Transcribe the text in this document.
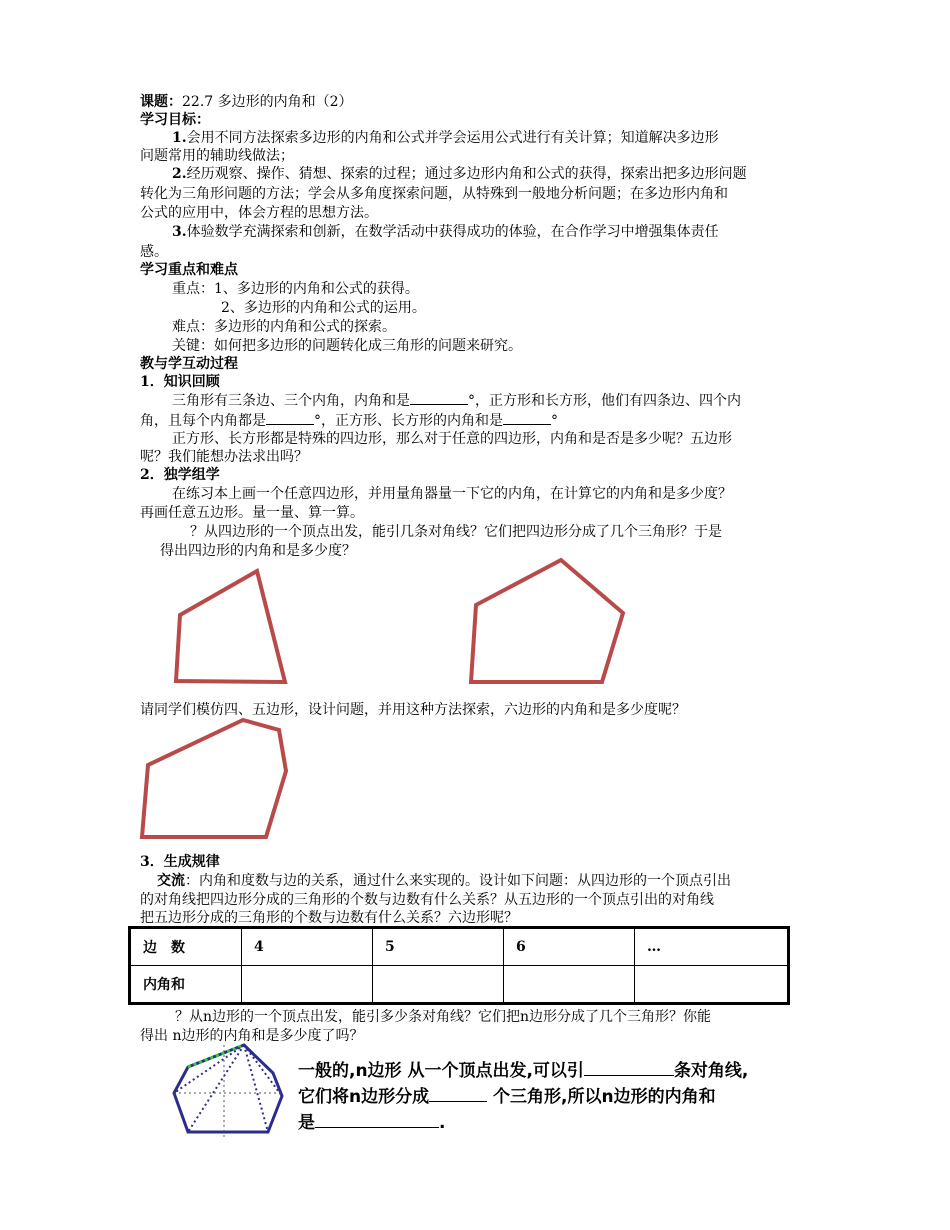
课题：22.7 多边形的内角和（2）
学习目标：
1.会用不同方法探索多边形的内角和公式并学会运用公式进行有关计算；知道解决多边形
问题常用的辅助线做法；
2.经历观察、操作、猜想、探索的过程；通过多边形内角和公式的获得，探索出把多边形问题
转化为三角形问题的方法；学会从多角度探索问题，从特殊到一般地分析问题；在多边形内角和
公式的应用中，体会方程的思想方法。
3.体验数学充满探索和创新，在数学活动中获得成功的体验，在合作学习中增强集体责任
感。
学习重点和难点
重点：1、多边形的内角和公式的获得。
2、多边形的内角和公式的运用。
难点：多边形的内角和公式的探索。
关键：如何把多边形的问题转化成三角形的问题来研究。
教与学互动过程
1．知识回顾
三角形有三条边、三个内角，内角和是	°，正方形和长方形，他们有四条边、四个内
角，且每个内角都是	°，正方形、长方形的内角和是	°
正方形、长方形都是特殊的四边形，那么对于任意的四边形，内角和是否是多少呢？五边形
呢？我们能想办法求出吗？
2．独学组学
在练习本上画一个任意四边形，并用量角器量一下它的内角，在计算它的内角和是多少度？
再画任意五边形。量一量、算一算。
？从四边形的一个顶点出发，能引几条对角线？它们把四边形分成了几个三角形？于是
得出四边形的内角和是多少度？
请同学们模仿四、五边形，设计问题，并用这种方法探索，六边形的内角和是多少度呢？
3．生成规律
交流：内角和度数与边的关系，通过什么来实现的。设计如下问题：从四边形的一个顶点引出
的对角线把四边形分成的三角形的个数与边数有什么关系？从五边形的一个顶点引出的对角线
把五边形分成的三角形的个数与边数有什么关系？六边形呢？
边　数	4	5	6	…
内角和				
？从n边形的一个顶点出发，能引多少条对角线？它们把n边形分成了几个三角形？你能
得出 n边形的内角和是多少度了吗？
一般的,n边形 从一个顶点出发,可以引	条对角线,
它们将n边形分成	个三角形,所以n边形的内角和
是	.
